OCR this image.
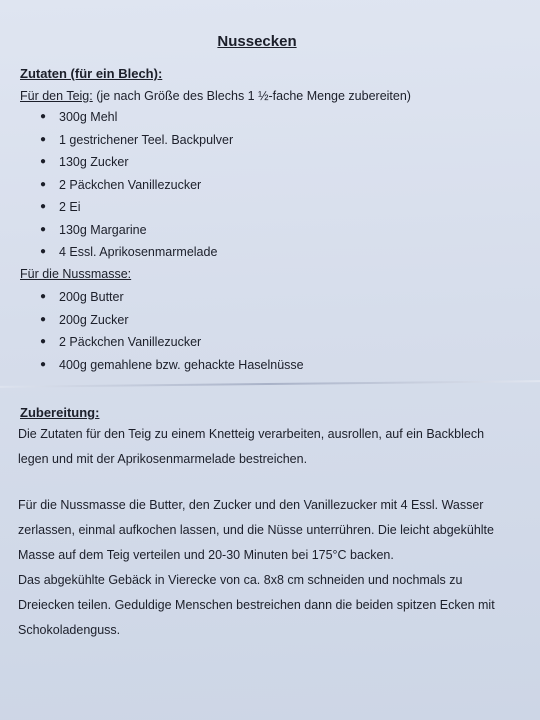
Nussecken
Zutaten (für ein Blech):
Für den Teig: (je nach Größe des Blechs 1 ½-fache Menge zubereiten)
● 300g Mehl
● 1 gestrichener Teel. Backpulver
● 130g Zucker
● 2 Päckchen Vanillezucker
● 2 Ei
● 130g Margarine
● 4 Essl. Aprikosenmarmelade
Für die Nussmasse:
● 200g Butter
● 200g Zucker
● 2 Päckchen Vanillezucker
● 400g gemahlene bzw. gehackte Haselnüsse
Zubereitung:

Die Zutaten für den Teig zu einem Knetteig verarbeiten, ausrollen, auf ein Backblech
legen und mit der Aprikosenmarmelade bestreichen.

Für die Nussmasse die Butter, den Zucker und den Vanillezucker mit 4 Essl. Wasser
zerlassen, einmal aufkochen lassen, und die Nüsse unterrühren. Die leicht abgekühlte
Masse auf dem Teig verteilen und 20-30 Minuten bei 175°C backen.
Das abgekühlte Gebäck in Vierecke von ca. 8x8 cm schneiden und nochmals zu
Dreiecken teilen. Geduldige Menschen bestreichen dann die beiden spitzen Ecken mit
Schokoladenguss.
